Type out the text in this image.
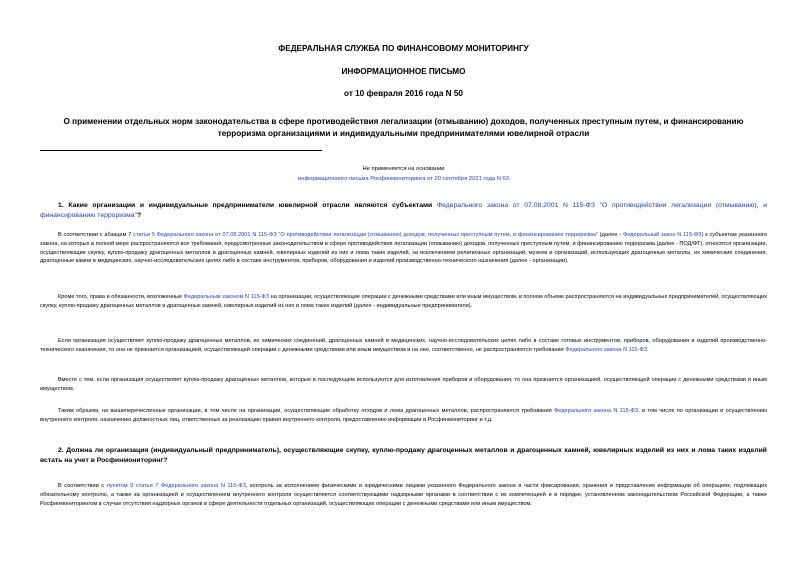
ФЕДЕРАЛЬНАЯ СЛУЖБА ПО ФИНАНСОВОМУ МОНИТОРИНГУ
ИНФОРМАЦИОННОЕ ПИСЬМО
от 10 февраля 2016 года N 50
О применении отдельных норм законодательства в сфере противодействия легализации (отмыванию) доходов, полученных преступным путем, и финансированию терроризма организациями и индивидуальными предпринимателями ювелирной отрасли
Не применяется на основании
информационного письма Росфинмониторинга от 20 сентября 2021 года N 63
1. Какие организации и индивидуальные предприниматели ювелирной отрасли являются субъектами Федерального закона от 07.08.2001 N 115-ФЗ "О противодействии легализации (отмыванию), и финансированию терроризма"?
В соответствии с абзацем 7 статьи 5 Федерального закона от 07.08.2001 N 115-ФЗ "О противодействии легализации (отмыванию) доходов, полученных преступным путем, и финансированию терроризма" (далее - Федеральный закон N 115-ФЗ) к субъектам указанного закона, на которых в полной мере распространяются все требования, предусмотренные законодательством в сфере противодействия легализации (отмыванию) доходов, полученных преступным путем, и финансированию терроризма (далее - ПОД/ФТ), относятся организации, осуществляющие скупку, куплю-продажу драгоценных металлов и драгоценных камней, ювелирных изделий из них и лома таких изделий, за исключением религиозных организаций, музеев и организаций, использующих драгоценные металлы, их химические соединения, драгоценные камни в медицинских, научно-исследовательских целях либо в составе инструментов, приборов, оборудования и изделий производственно-технического назначения (далее - организации).
Кроме того, права и обязанности, возложенные Федеральным законом N 115-ФЗ на организации, осуществляющие операции с денежными средствами или иным имуществом, в полном объеме распространяются на индивидуальных предпринимателей, осуществляющих скупку, куплю-продажу драгоценных металлов и драгоценных камней, ювелирных изделий из них и лома таких изделий (далее - индивидуальные предприниматели).
Если организация осуществляет куплю-продажу драгоценных металлов, их химических соединений, драгоценных камней в медицинских, научно-исследовательских целях либо в составе готовых инструментов, приборов, оборудования и изделий производственно-технического назначения, то она не признается организацией, осуществляющей операции с денежными средствами или иным имуществом и на нее, соответственно, не распространяются требования Федерального закона N 115-ФЗ.
Вместе с тем, если организация осуществляет куплю-продажу драгоценных металлов, которые в последующем используются для изготовления приборов и оборудования, то она признается организацией, осуществляющей операции с денежными средствами и иным имуществом.
Таким образом, на вышеперечисленные организации, в том числе на организации, осуществляющие обработку отходов и лома драгоценных металлов, распространяются требования Федерального закона N 115-ФЗ, в том числе по организации и осуществлению внутреннего контроля, назначению должностных лиц, ответственных за реализацию правил внутреннего контроля, предоставлению информации в Росфинмониторинг и т.д.
2. Должна ли организация (индивидуальный предприниматель), осуществляющие скупку, куплю-продажу драгоценных металлов и драгоценных камней, ювелирных изделий из них и лома таких изделий встать на учет в Росфинмониторинг?
В соответствии с пунктом 9 статьи 7 Федерального закона N 115-ФЗ, контроль за исполнением физическими и юридическими лицами указанного Федерального закона в части фиксирования, хранения и представления информации об операциях, подлежащих обязательному контролю, а также за организацией и осуществлением внутреннего контроля осуществляется соответствующими надзорными органами в соответствии с их компетенцией и в порядке, установленном законодательством Российской Федерации, а также Росфинмониторингом в случае отсутствия надзорных органов в сфере деятельности отдельных организаций, осуществляющих операции с денежными средствами или иным имуществом.
